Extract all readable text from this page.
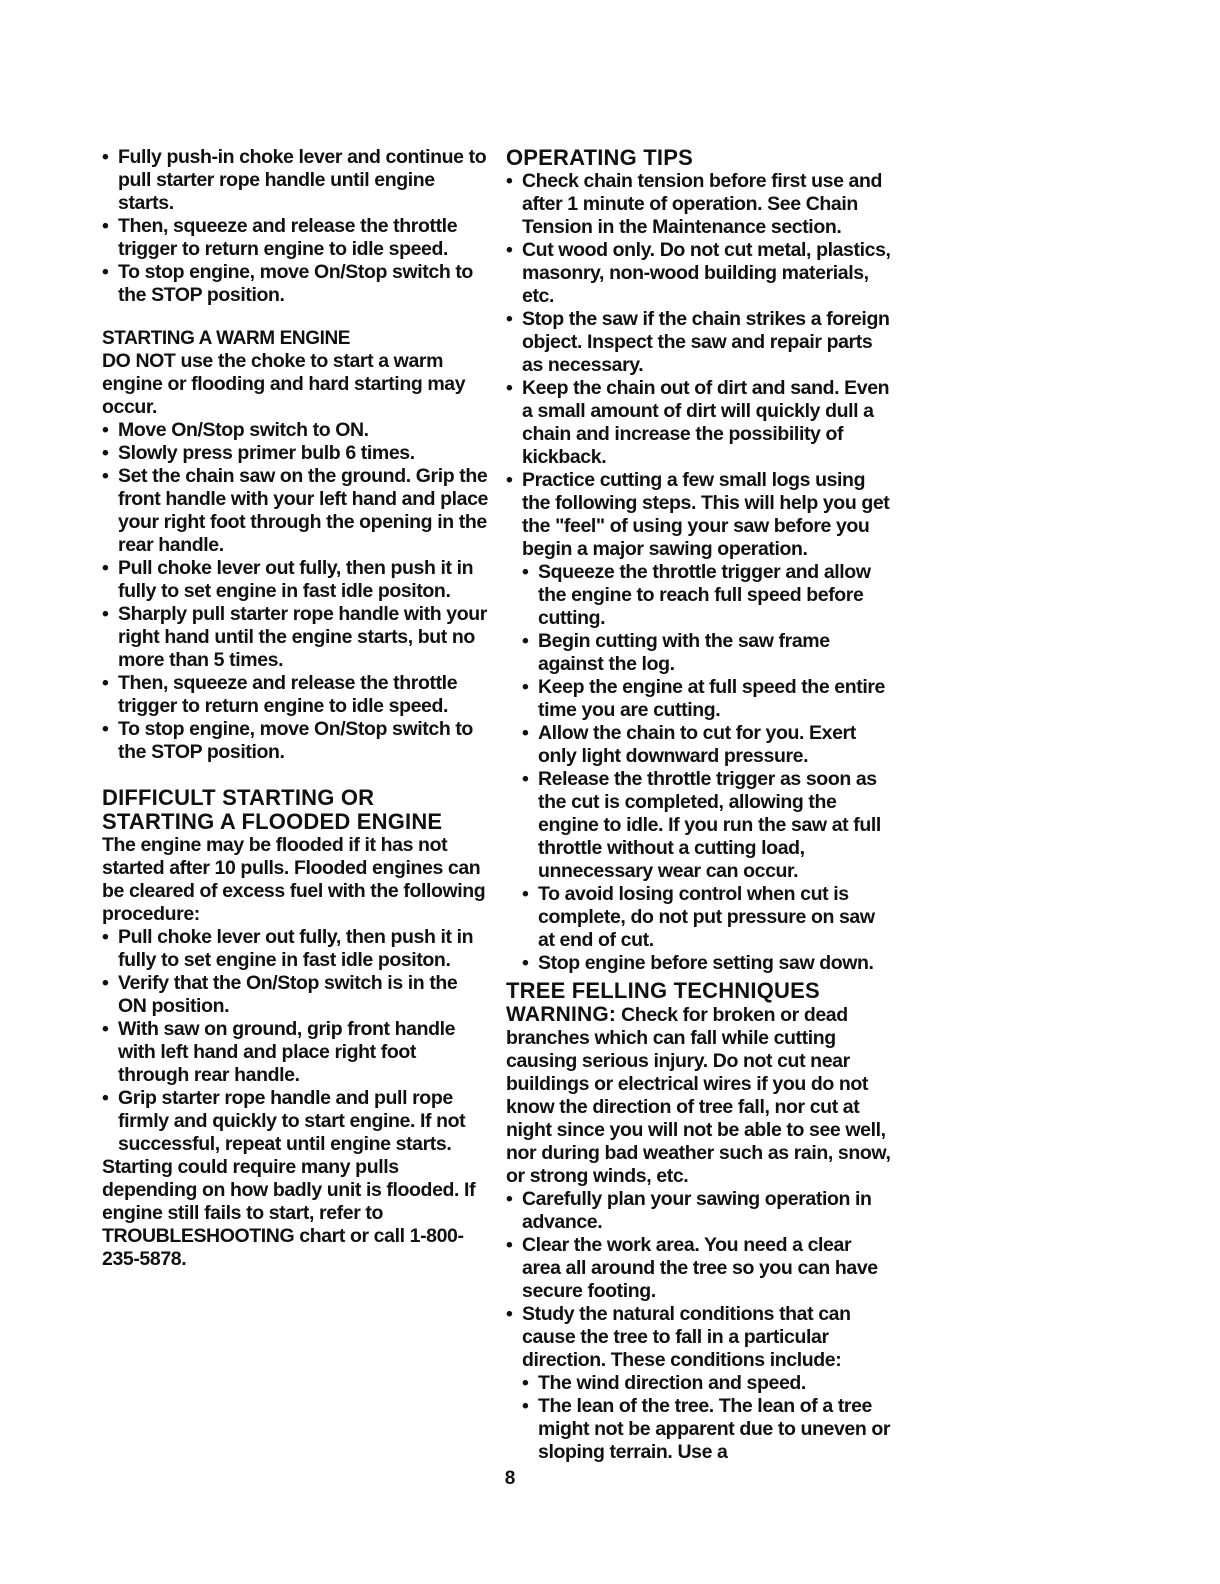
• Fully push-in choke lever and continue to pull starter rope handle until engine starts.
• Then, squeeze and release the throttle trigger to return engine to idle speed.
• To stop engine, move On/Stop switch to the STOP position.
STARTING A WARM ENGINE

DO NOT use the choke to start a warm engine or flooding and hard starting may occur.

• Move On/Stop switch to ON.
• Slowly press primer bulb 6 times.
• Set the chain saw on the ground. Grip the front handle with your left hand and place your right foot through the opening in the rear handle.
• Pull choke lever out fully, then push it in fully to set engine in fast idle positon.
• Sharply pull starter rope handle with your right hand until the engine starts, but no more than 5 times.
• Then, squeeze and release the throttle trigger to return engine to idle speed.
• To stop engine, move On/Stop switch to the STOP position.
DIFFICULT STARTING OR
STARTING A FLOODED ENGINE

The engine may be flooded if it has not started after 10 pulls. Flooded engines can be cleared of excess fuel with the following procedure:

• Pull choke lever out fully, then push it in fully to set engine in fast idle positon.
• Verify that the On/Stop switch is in the ON position.
• With saw on ground, grip front handle with left hand and place right foot through rear handle.
• Grip starter rope handle and pull rope firmly and quickly to start engine. If not successful, repeat until engine starts.

Starting could require many pulls depending on how badly unit is flooded. If engine still fails to start, refer to TROUBLESHOOTING chart or call 1-800-235-5878.

OPERATING TIPS
• Check chain tension before first use and after 1 minute of operation. See Chain Tension in the Maintenance section.
• Cut wood only. Do not cut metal, plastics, masonry, non-wood building materials, etc.
• Stop the saw if the chain strikes a foreign object. Inspect the saw and repair parts as necessary.
• Keep the chain out of dirt and sand. Even a small amount of dirt will quickly dull a chain and increase the possibility of kickback.
• Practice cutting a few small logs using the following steps. This will help you get the "feel" of using your saw before you begin a major sawing operation.
• Squeeze the throttle trigger and allow the engine to reach full speed before cutting.
• Begin cutting with the saw frame against the log.
• Keep the engine at full speed the entire time you are cutting.
• Allow the chain to cut for you. Exert only light downward pressure.
• Release the throttle trigger as soon as the cut is completed, allowing the engine to idle. If you run the saw at full throttle without a cutting load, unnecessary wear can occur.
• To avoid losing control when cut is complete, do not put pressure on saw at end of cut.
• Stop engine before setting saw down.
TREE FELLING TECHNIQUES

WARNING: Check for broken or dead branches which can fall while cutting causing serious injury. Do not cut near buildings or electrical wires if you do not know the direction of tree fall, nor cut at night since you will not be able to see well, nor during bad weather such as rain, snow, or strong winds, etc.

• Carefully plan your sawing operation in advance.
• Clear the work area. You need a clear area all around the tree so you can have secure footing.
• Study the natural conditions that can cause the tree to fall in a particular direction. These conditions include:
• The wind direction and speed.
• The lean of the tree. The lean of a tree might not be apparent due to uneven or sloping terrain. Use a
8
